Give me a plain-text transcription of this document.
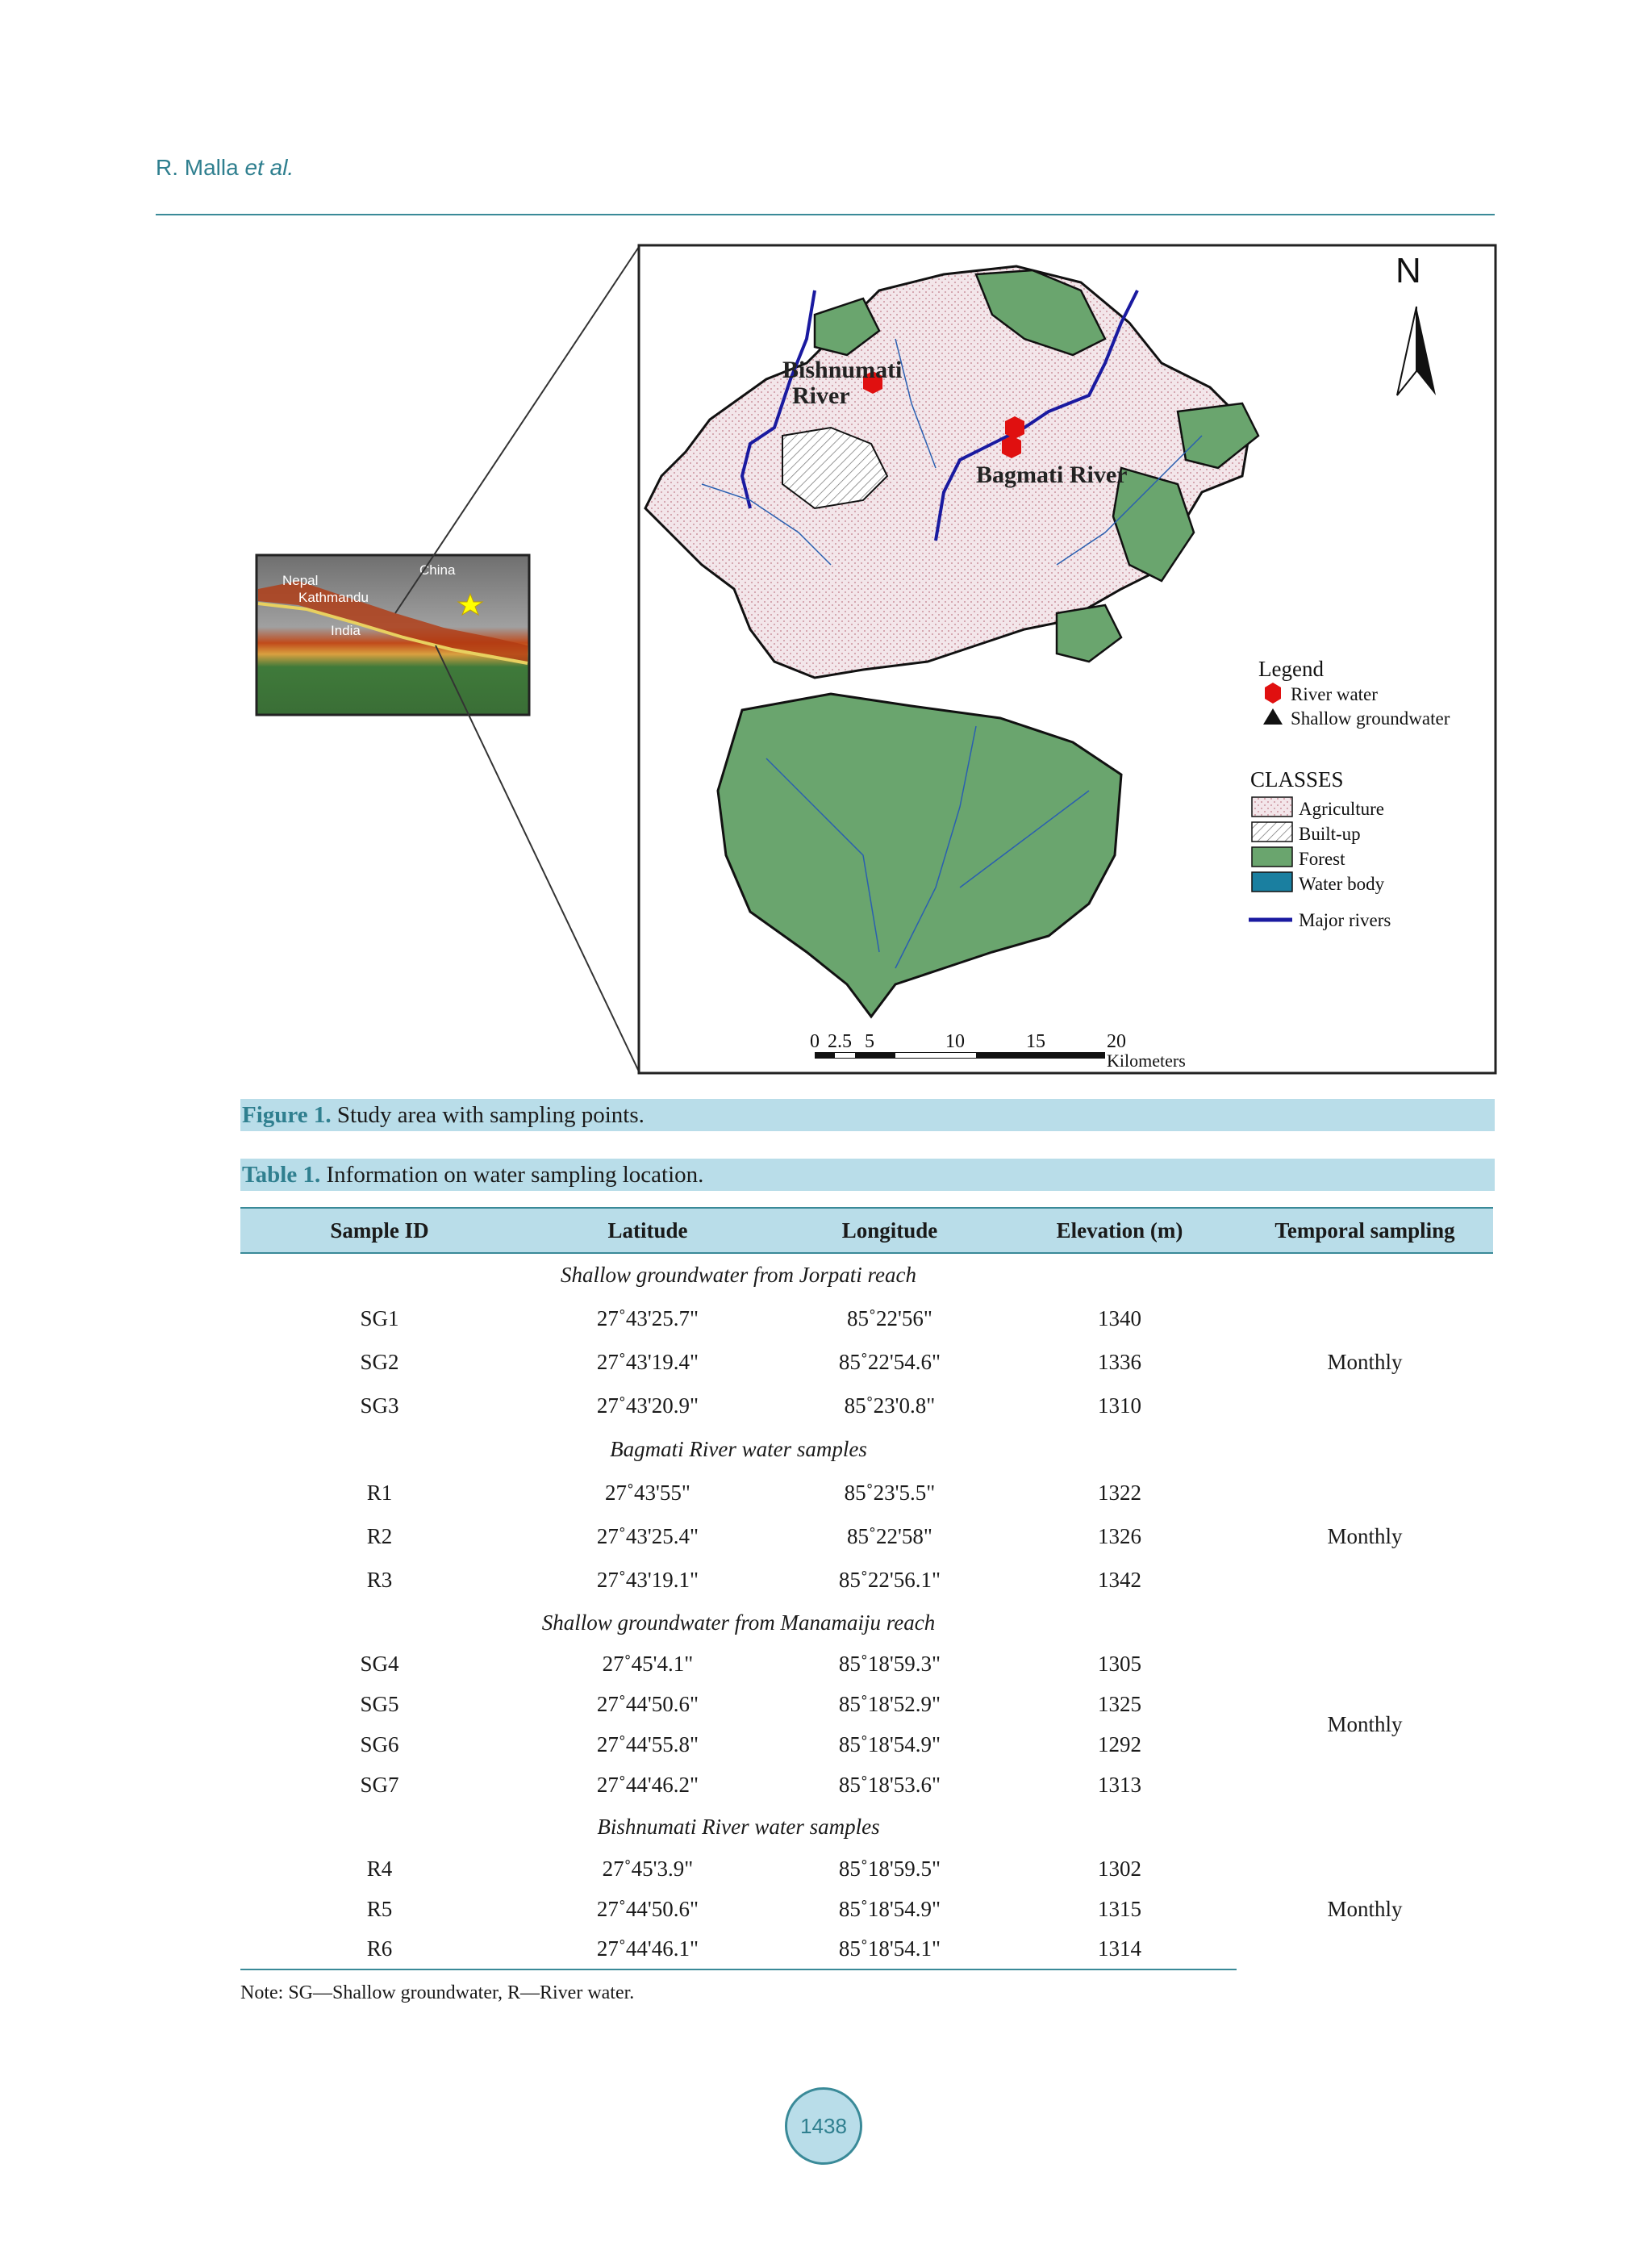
R. Malla et al.
China
Nepal
Kathmandu
India
Bishnumati
River
Bagmati River
N
Legend
River water
Shallow groundwater
CLASSES
Agriculture
Built-up
Forest
Water body
Major rivers
0 2.5 5	10	15	20
Kilometers
Figure 1. Study area with sampling points.
Table 1. Information on water sampling location.
Sample ID	Latitude	Longitude	Elevation (m)	Temporal sampling
Shallow groundwater from Jorpati reach				
SG1	27˚43'25.7"	85˚22'56"	1340	Monthly
SG2	27˚43'19.4"	85˚22'54.6"	1336	
SG3	27˚43'20.9"	85˚23'0.8"	1310	
Bagmati River water samples				
R1	27˚43'55"	85˚23'5.5"	1322	Monthly
R2	27˚43'25.4"	85˚22'58"	1326	
R3	27˚43'19.1"	85˚22'56.1"	1342	
Shallow groundwater from Manamaiju reach				
SG4	27˚45'4.1"	85˚18'59.3"	1305	Monthly
SG5	27˚44'50.6"	85˚18'52.9"	1325	
SG6	27˚44'55.8"	85˚18'54.9"	1292	
SG7	27˚44'46.2"	85˚18'53.6"	1313	
Bishnumati River water samples				
R4	27˚45'3.9"	85˚18'59.5"	1302	Monthly
R5	27˚44'50.6"	85˚18'54.9"	1315	
R6	27˚44'46.1"	85˚18'54.1"	1314	
Note: SG—Shallow groundwater, R—River water.
1438
